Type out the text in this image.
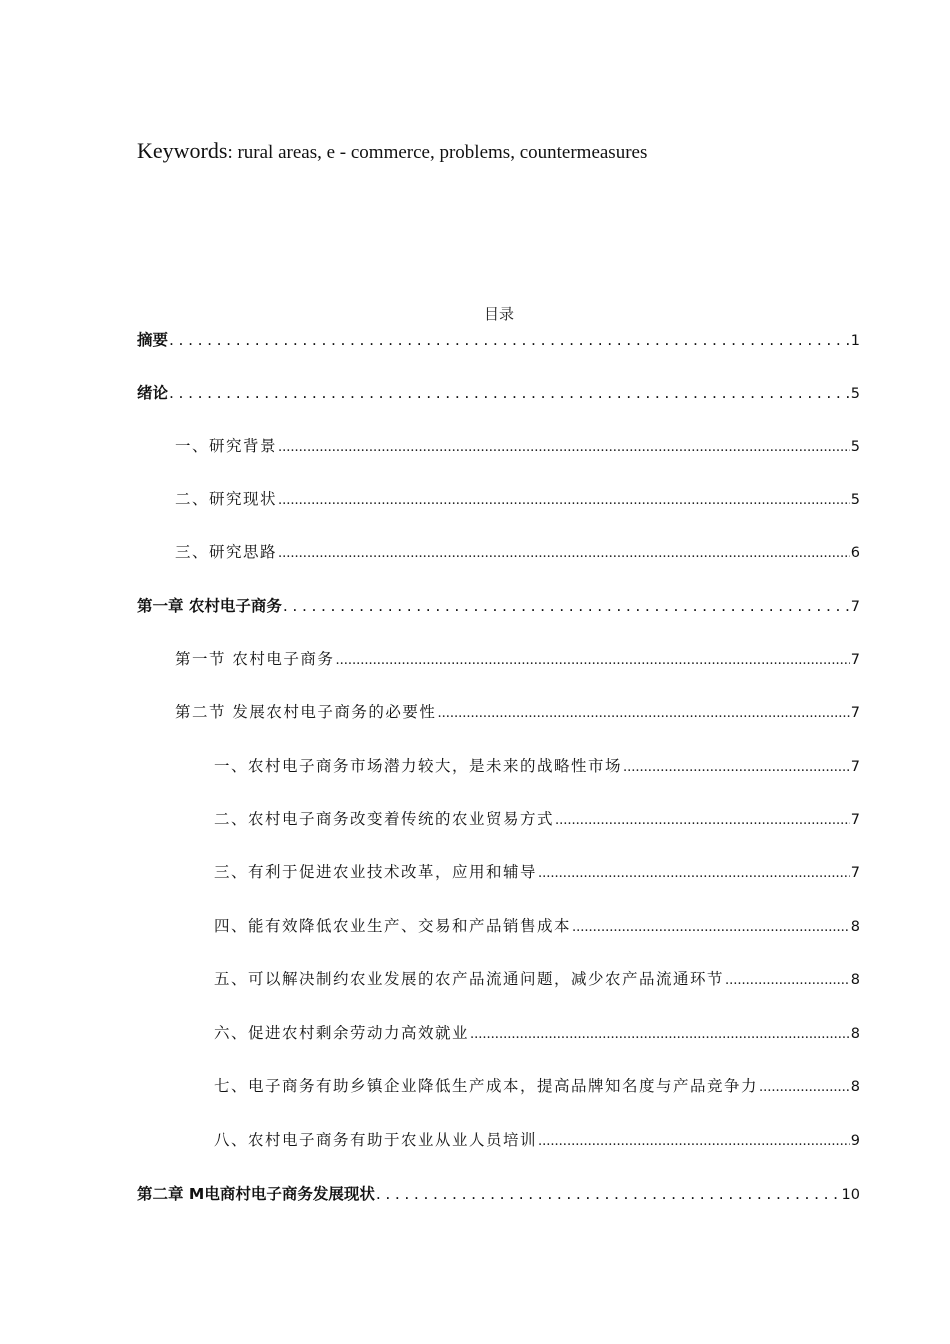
Keywords: rural areas, e - commerce, problems, countermeasures
目录
摘要 .....	1
绪论 .....	5
一、研究背景 .....	5
二、研究现状 .....	5
三、研究思路 .....	6
第一章 农村电子商务 .....	7
第一节 农村电子商务 .....	7
第二节 发展农村电子商务的必要性 .....	7
一、农村电子商务市场潜力较大，是未来的战略性市场 .....	7
二、农村电子商务改变着传统的农业贸易方式 .....	7
三、有利于促进农业技术改革，应用和辅导 .....	7
四、能有效降低农业生产、交易和产品销售成本 .....	8
五、可以解决制约农业发展的农产品流通问题，减少农产品流通环节 .....	8
六、促进农村剩余劳动力高效就业 .....	8
七、电子商务有助乡镇企业降低生产成本，提高品牌知名度与产品竞争力 .....	8
八、农村电子商务有助于农业从业人员培训 .....	9
第二章 M电商村电子商务发展现状 .....	10
